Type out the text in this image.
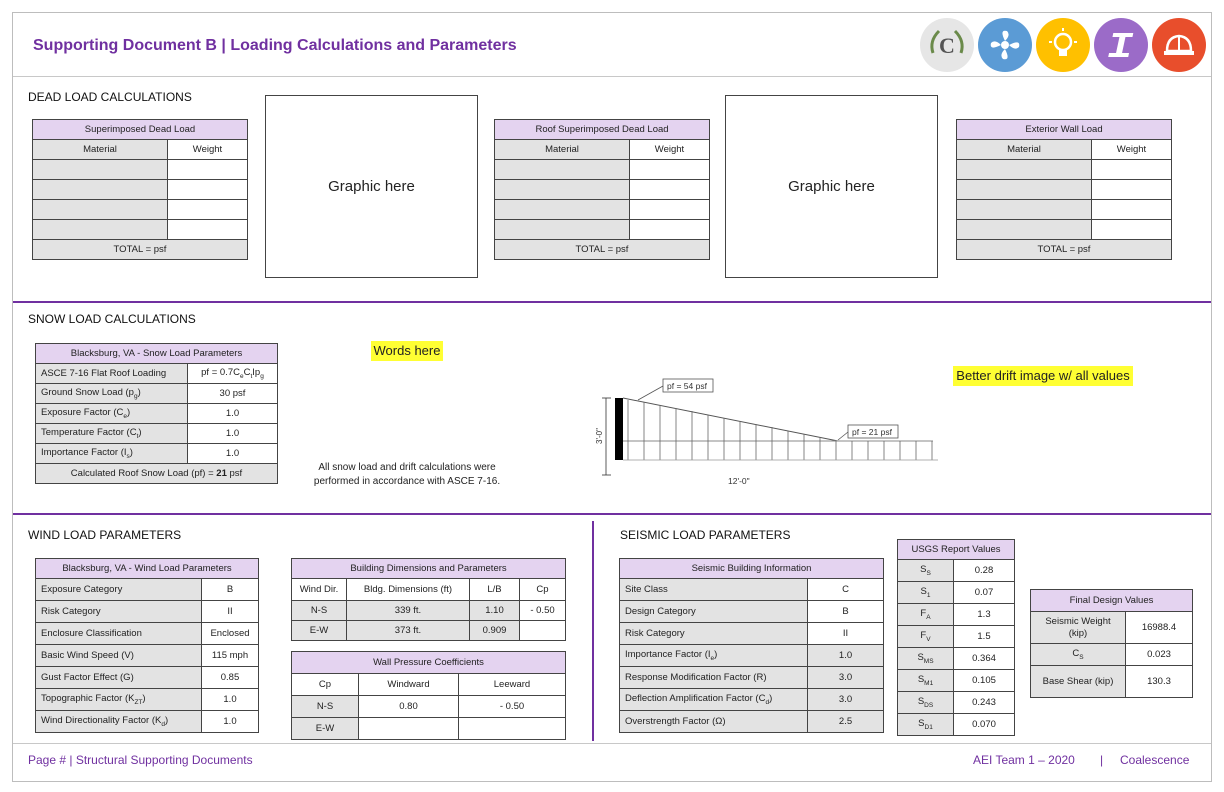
Supporting Document B | Loading Calculations and Parameters	C
DEAD LOAD CALCULATIONS
Superimposed Dead Load	
Material	Weight

TOTAL = psf	
Graphic here
Roof Superimposed Dead Load	
Material	Weight

TOTAL = psf	
Graphic here
Exterior Wall Load	
Material	Weight

TOTAL = psf	
SNOW LOAD CALCULATIONS
Blacksburg, VA - Snow Load Parameters	
ASCE 7-16 Flat Roof Loading	pf = $0.7C_eC_tIp_g$
Ground Snow Load $(p_g)$	30 psf
Exposure Factor $(C_e)$	1.0
Temperature Factor $(C_t)$	1.0
Importance Factor $(I_s)$	1.0
Calculated Roof Snow Load (pf) = 21 psf	
Words here
All snow load and drift calculations were performed in accordance with ASCE 7-16.
Better drift image w/ all values
pf = 54 psf
pf = 21 psf
3'-0"
12'-0"
WIND LOAD PARAMETERS
Blacksburg, VA - Wind Load Parameters	
Exposure Category	B
Risk Category	II
Enclosure Classification	Enclosed
Basic Wind Speed (V)	115 mph
Gust Factor Effect (G)	0.85
Topographic Factor $(K_{ZT})$	1.0
Wind Directionality Factor $(K_d)$	1.0
Building Dimensions and Parameters			
Wind Dir.	Bldg. Dimensions (ft)	L/B	Cp
N-S	339 ft.	1.10	- 0.50
E-W	373 ft.	0.909	
Wall Pressure Coefficients		
Cp	Windward	Leeward
N-S	0.80	- 0.50
E-W		
SEISMIC LOAD PARAMETERS
Seismic Building Information	
Site Class	C
Design Category	B
Risk Category	II
Importance Factor $(I_e)$	1.0
Response Modification Factor (R)	3.0
Deflection Amplification Factor $(C_d)$	3.0
Overstrength Factor (Ω)	2.5
USGS Report Values	
$S_S$	0.28
$S_1$	0.07
$F_A$	1.3
$F_V$	1.5
$S_{MS}$	0.364
$S_{M1}$	0.105
$S_{DS}$	0.243
$S_{D1}$	0.070
Final Design Values	
Seismic Weight (kip)	16988.4
$C_S$	0.023
Base Shear (kip)	130.3
Page # | Structural Supporting Documents	AEI Team 1 – 2020 | Coalescence
